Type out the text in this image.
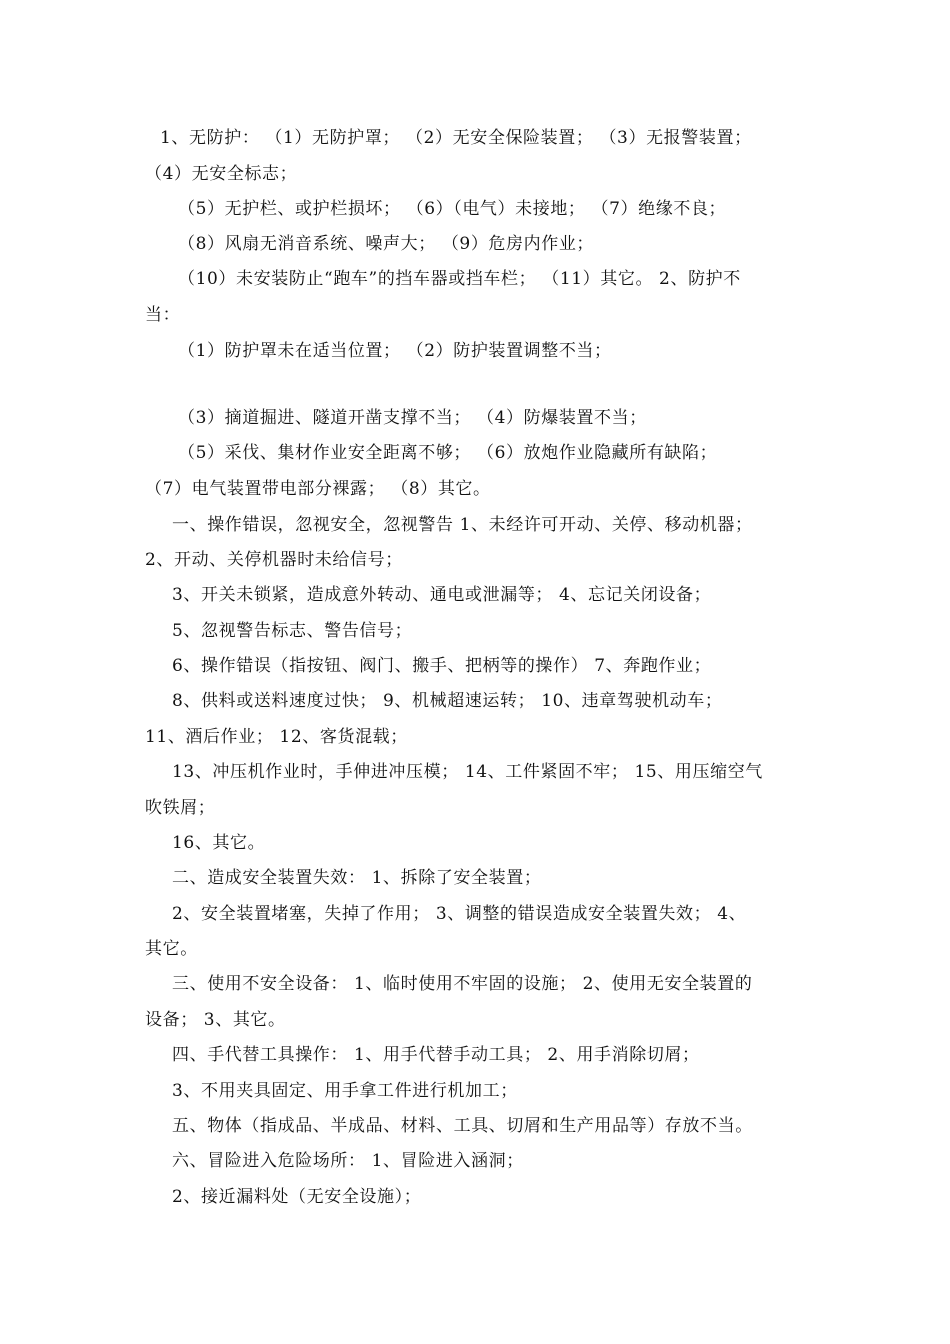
1、无防护： （1）无防护罩； （2）无安全保险装置； （3）无报警装置；
（4）无安全标志；
（5）无护栏、或护栏损坏； （6）（电气）未接地； （7）绝缘不良；
（8）风扇无消音系统、噪声大； （9）危房内作业；
（10）未安装防止“跑车”的挡车器或挡车栏； （11）其它。 2、防护不
当：
（1）防护罩未在适当位置； （2）防护装置调整不当；
（3）摘道掘进、隧道开凿支撑不当； （4）防爆装置不当；
（5）采伐、集材作业安全距离不够； （6）放炮作业隐藏所有缺陷；
（7）电气装置带电部分裸露； （8）其它。
一、操作错误，忽视安全，忽视警告 1、未经许可开动、关停、移动机器；
2、开动、关停机器时未给信号；
3、开关未锁紧，造成意外转动、通电或泄漏等； 4、忘记关闭设备；
5、忽视警告标志、警告信号；
6、操作错误（指按钮、阀门、搬手、把柄等的操作） 7、奔跑作业；
8、供料或送料速度过快； 9、机械超速运转； 10、违章驾驶机动车；
11、酒后作业； 12、客货混载；
13、冲压机作业时，手伸进冲压模； 14、工件紧固不牢； 15、用压缩空气
吹铁屑；
16、其它。
二、造成安全装置失效： 1、拆除了安全装置；
2、安全装置堵塞，失掉了作用； 3、调整的错误造成安全装置失效； 4、
其它。
三、使用不安全设备： 1、临时使用不牢固的设施； 2、使用无安全装置的
设备； 3、其它。
四、手代替工具操作： 1、用手代替手动工具； 2、用手消除切屑；
3、不用夹具固定、用手拿工件进行机加工；
五、物体（指成品、半成品、材料、工具、切屑和生产用品等）存放不当。
六、冒险进入危险场所： 1、冒险进入涵洞；
2、接近漏料处（无安全设施）；
